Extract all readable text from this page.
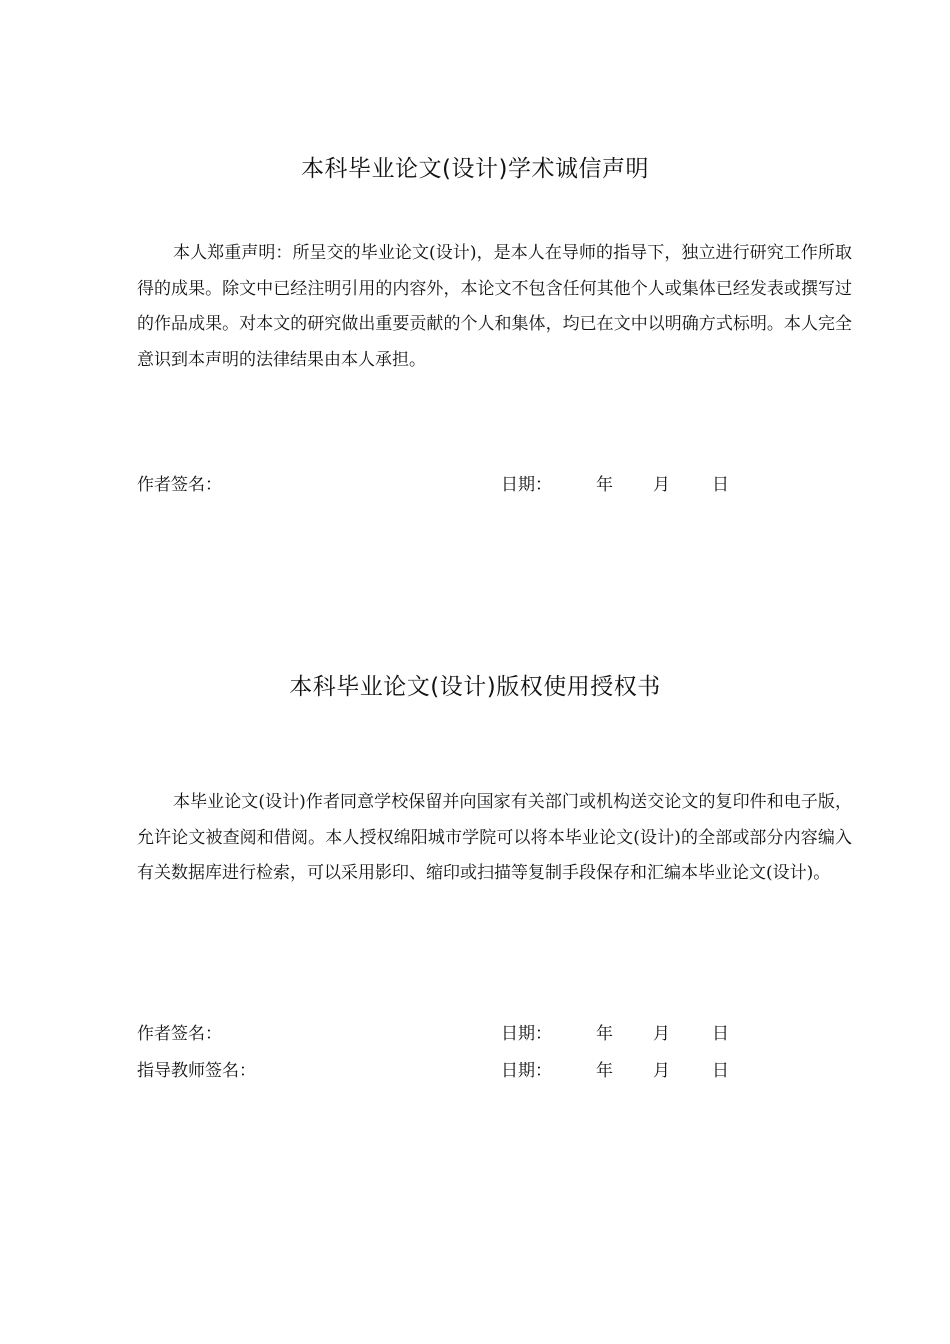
本科毕业论文(设计)学术诚信声明

本人郑重声明：所呈交的毕业论文(设计)，是本人在导师的指导下，独立进行研究工作所取得的成果。除文中已经注明引用的内容外，本论文不包含任何其他个人或集体已经发表或撰写过的作品成果。对本文的研究做出重要贡献的个人和集体，均已在文中以明确方式标明。本人完全意识到本声明的法律结果由本人承担。

作者签名：	日期：	年 月 日
本科毕业论文(设计)版权使用授权书

本毕业论文(设计)作者同意学校保留并向国家有关部门或机构送交论文的复印件和电子版，允许论文被查阅和借阅。本人授权绵阳城市学院可以将本毕业论文(设计)的全部或部分内容编入有关数据库进行检索，可以采用影印、缩印或扫描等复制手段保存和汇编本毕业论文(设计)。

作者签名：	日期：	年 月 日
指导教师签名：	日期：	年 月 日
